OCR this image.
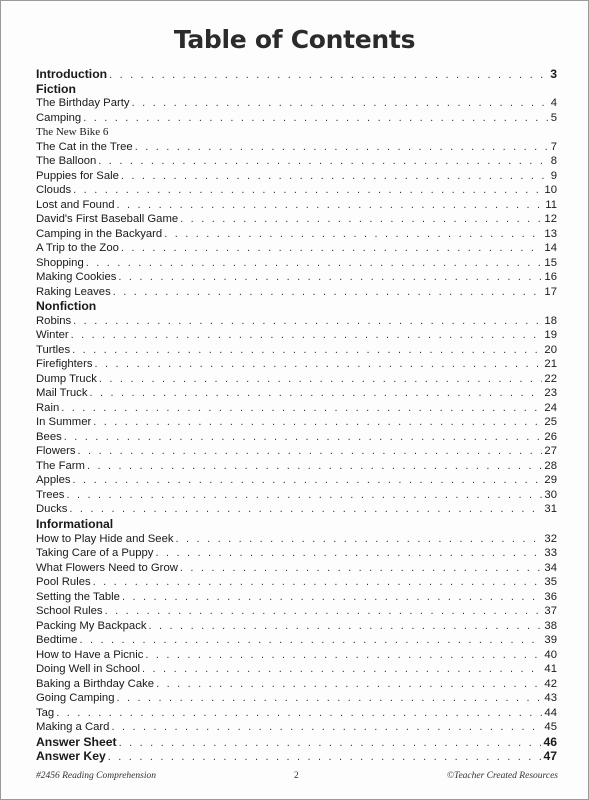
Table of Contents
Introduction . . .	3
Fiction
The Birthday Party . . .	4
Camping . . .	5
The New Bike 6
The Cat in the Tree . . .	7
The Balloon . . .	8
Puppies for Sale . . .	9
Clouds . . .	10
Lost and Found . . .	11
David's First Baseball Game . . .	12
Camping in the Backyard . . .	13
A Trip to the Zoo . . .	14
Shopping . . .	15
Making Cookies . . .	16
Raking Leaves . . .	17
Nonfiction
Robins . . .	18
Winter . . .	19
Turtles . . .	20
Firefighters . . .	21
Dump Truck . . .	22
Mail Truck . . .	23
Rain . . .	24
In Summer . . .	25
Bees . . .	26
Flowers . . .	27
The Farm . . .	28
Apples . . .	29
Trees . . .	30
Ducks . . .	31
Informational
How to Play Hide and Seek . . .	32
Taking Care of a Puppy . . .	33
What Flowers Need to Grow . . .	34
Pool Rules . . .	35
Setting the Table . . .	36
School Rules . . .	37
Packing My Backpack . . .	38
Bedtime . . .	39
How to Have a Picnic . . .	40
Doing Well in School . . .	41
Baking a Birthday Cake . . .	42
Going Camping . . .	43
Tag . . .	44
Making a Card . . .	45
Answer Sheet . . .	46
Answer Key . . .	47
#2456 Reading Comprehension	2	©Teacher Created Resources
